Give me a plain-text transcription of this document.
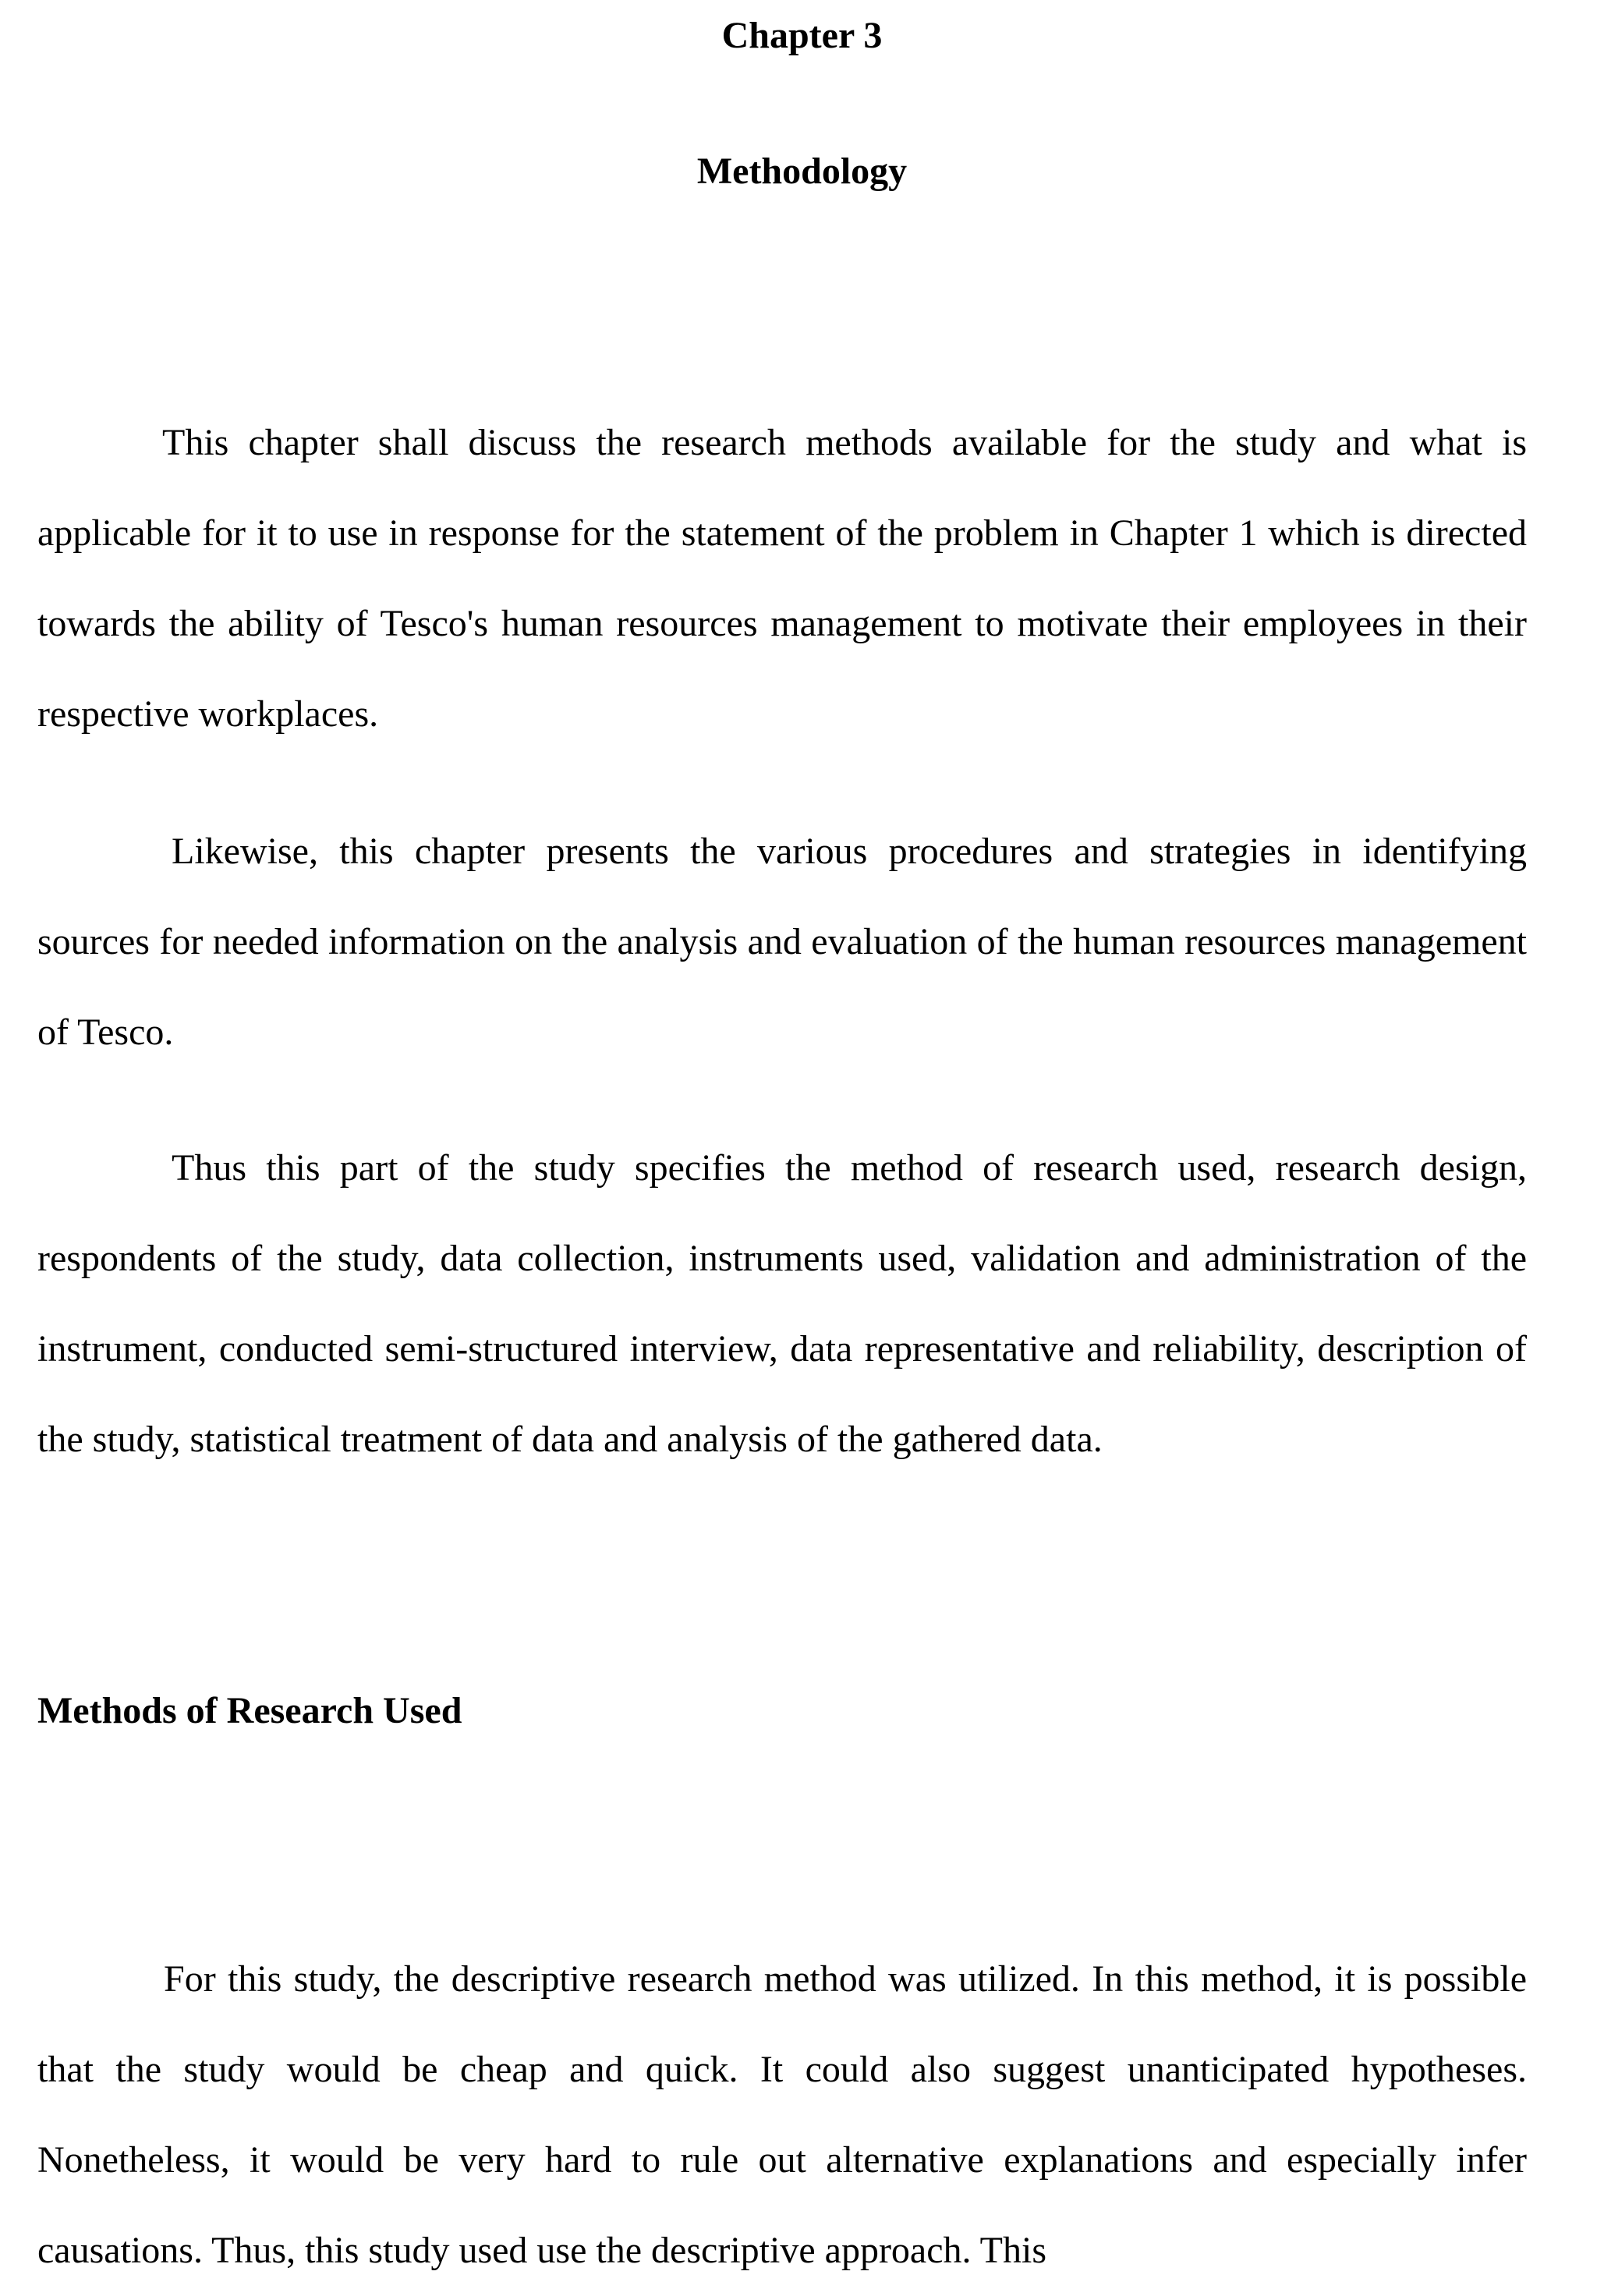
Chapter 3
Methodology

This chapter shall discuss the research methods available for the study and what is applicable for it to use in response for the statement of the problem in Chapter 1 which is directed towards the ability of Tesco's human resources management to motivate their employees in their respective workplaces.

Likewise, this chapter presents the various procedures and strategies in identifying sources for needed information on the analysis and evaluation of the human resources management of Tesco.

Thus this part of the study specifies the method of research used, research design, respondents of the study, data collection, instruments used, validation and administration of the instrument, conducted semi-structured interview, data representative and reliability, description of the study, statistical treatment of data and analysis of the gathered data.

Methods of Research Used

For this study, the descriptive research method was utilized. In this method, it is possible that the study would be cheap and quick. It could also suggest unanticipated hypotheses. Nonetheless, it would be very hard to rule out alternative explanations and especially infer causations. Thus, this study used use the descriptive approach. This
